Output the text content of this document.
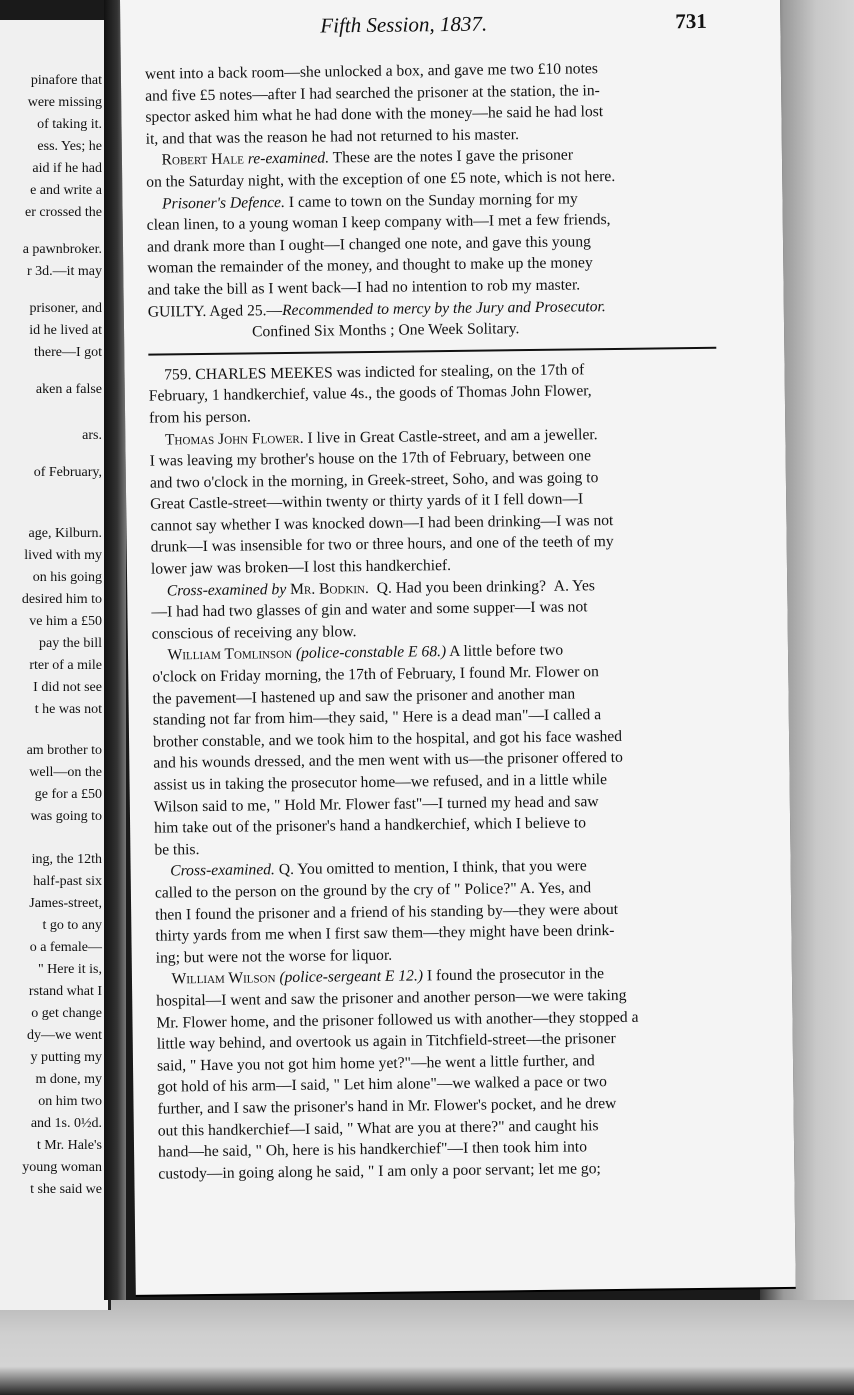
pinafore that
were missing
of taking it.
ess. Yes; he
aid if he had
e and write a
er crossed the
a pawnbroker.
r 3d.—it may
prisoner, and
id he lived at
there—I got
aken a false
ars.
of February,
age, Kilburn.
lived with my
on his going
desired him to
ve him a £50
pay the bill
rter of a mile
I did not see
t he was not
am brother to
well—on the
ge for a £50
was going to
ing, the 12th
half-past six
James-street,
t go to any
o a female—
" Here it is,
rstand what I
o get change
dy—we went
y putting my
m done, my
on him two
and 1s. 0½d.
t Mr. Hale's
young woman
t she said we
Fifth Session, 1837.	731
went into a back room—she unlocked a box, and gave me two £10 notes
and five £5 notes—after I had searched the prisoner at the station, the in-
spector asked him what he had done with the money—he said he had lost
it, and that was the reason he had not returned to his master.
 Robert Hale re-examined. These are the notes I gave the prisoner
on the Saturday night, with the exception of one £5 note, which is not here.
 Prisoner's Defence. I came to town on the Sunday morning for my
clean linen, to a young woman I keep company with—I met a few friends,
and drank more than I ought—I changed one note, and gave this young
woman the remainder of the money, and thought to make up the money
and take the bill as I went back—I had no intention to rob my master.
GUILTY. Aged 25.—Recommended to mercy by the Jury and Prosecutor.
Confined Six Months ; One Week Solitary.
 759. CHARLES MEEKES was indicted for stealing, on the 17th of
February, 1 handkerchief, value 4s., the goods of Thomas John Flower,
from his person.
 Thomas John Flower. I live in Great Castle-street, and am a jeweller.
I was leaving my brother's house on the 17th of February, between one
and two o'clock in the morning, in Greek-street, Soho, and was going to
Great Castle-street—within twenty or thirty yards of it I fell down—I
cannot say whether I was knocked down—I had been drinking—I was not
drunk—I was insensible for two or three hours, and one of the teeth of my
lower jaw was broken—I lost this handkerchief.
 Cross-examined by Mr. Bodkin.  Q. Had you been drinking?  A. Yes
—I had had two glasses of gin and water and some supper—I was not
conscious of receiving any blow.
 William Tomlinson (police-constable E 68.) A little before two
o'clock on Friday morning, the 17th of February, I found Mr. Flower on
the pavement—I hastened up and saw the prisoner and another man
standing not far from him—they said, " Here is a dead man"—I called a
brother constable, and we took him to the hospital, and got his face washed
and his wounds dressed, and the men went with us—the prisoner offered to
assist us in taking the prosecutor home—we refused, and in a little while
Wilson said to me, " Hold Mr. Flower fast"—I turned my head and saw
him take out of the prisoner's hand a handkerchief, which I believe to
be this.
 Cross-examined. Q. You omitted to mention, I think, that you were
called to the person on the ground by the cry of " Police?" A. Yes, and
then I found the prisoner and a friend of his standing by—they were about
thirty yards from me when I first saw them—they might have been drink-
ing; but were not the worse for liquor.
 William Wilson (police-sergeant E 12.) I found the prosecutor in the
hospital—I went and saw the prisoner and another person—we were taking
Mr. Flower home, and the prisoner followed us with another—they stopped a
little way behind, and overtook us again in Titchfield-street—the prisoner
said, " Have you not got him home yet?"—he went a little further, and
got hold of his arm—I said, " Let him alone"—we walked a pace or two
further, and I saw the prisoner's hand in Mr. Flower's pocket, and he drew
out this handkerchief—I said, " What are you at there?" and caught his
hand—he said, " Oh, here is his handkerchief"—I then took him into
custody—in going along he said, " I am only a poor servant; let me go;
